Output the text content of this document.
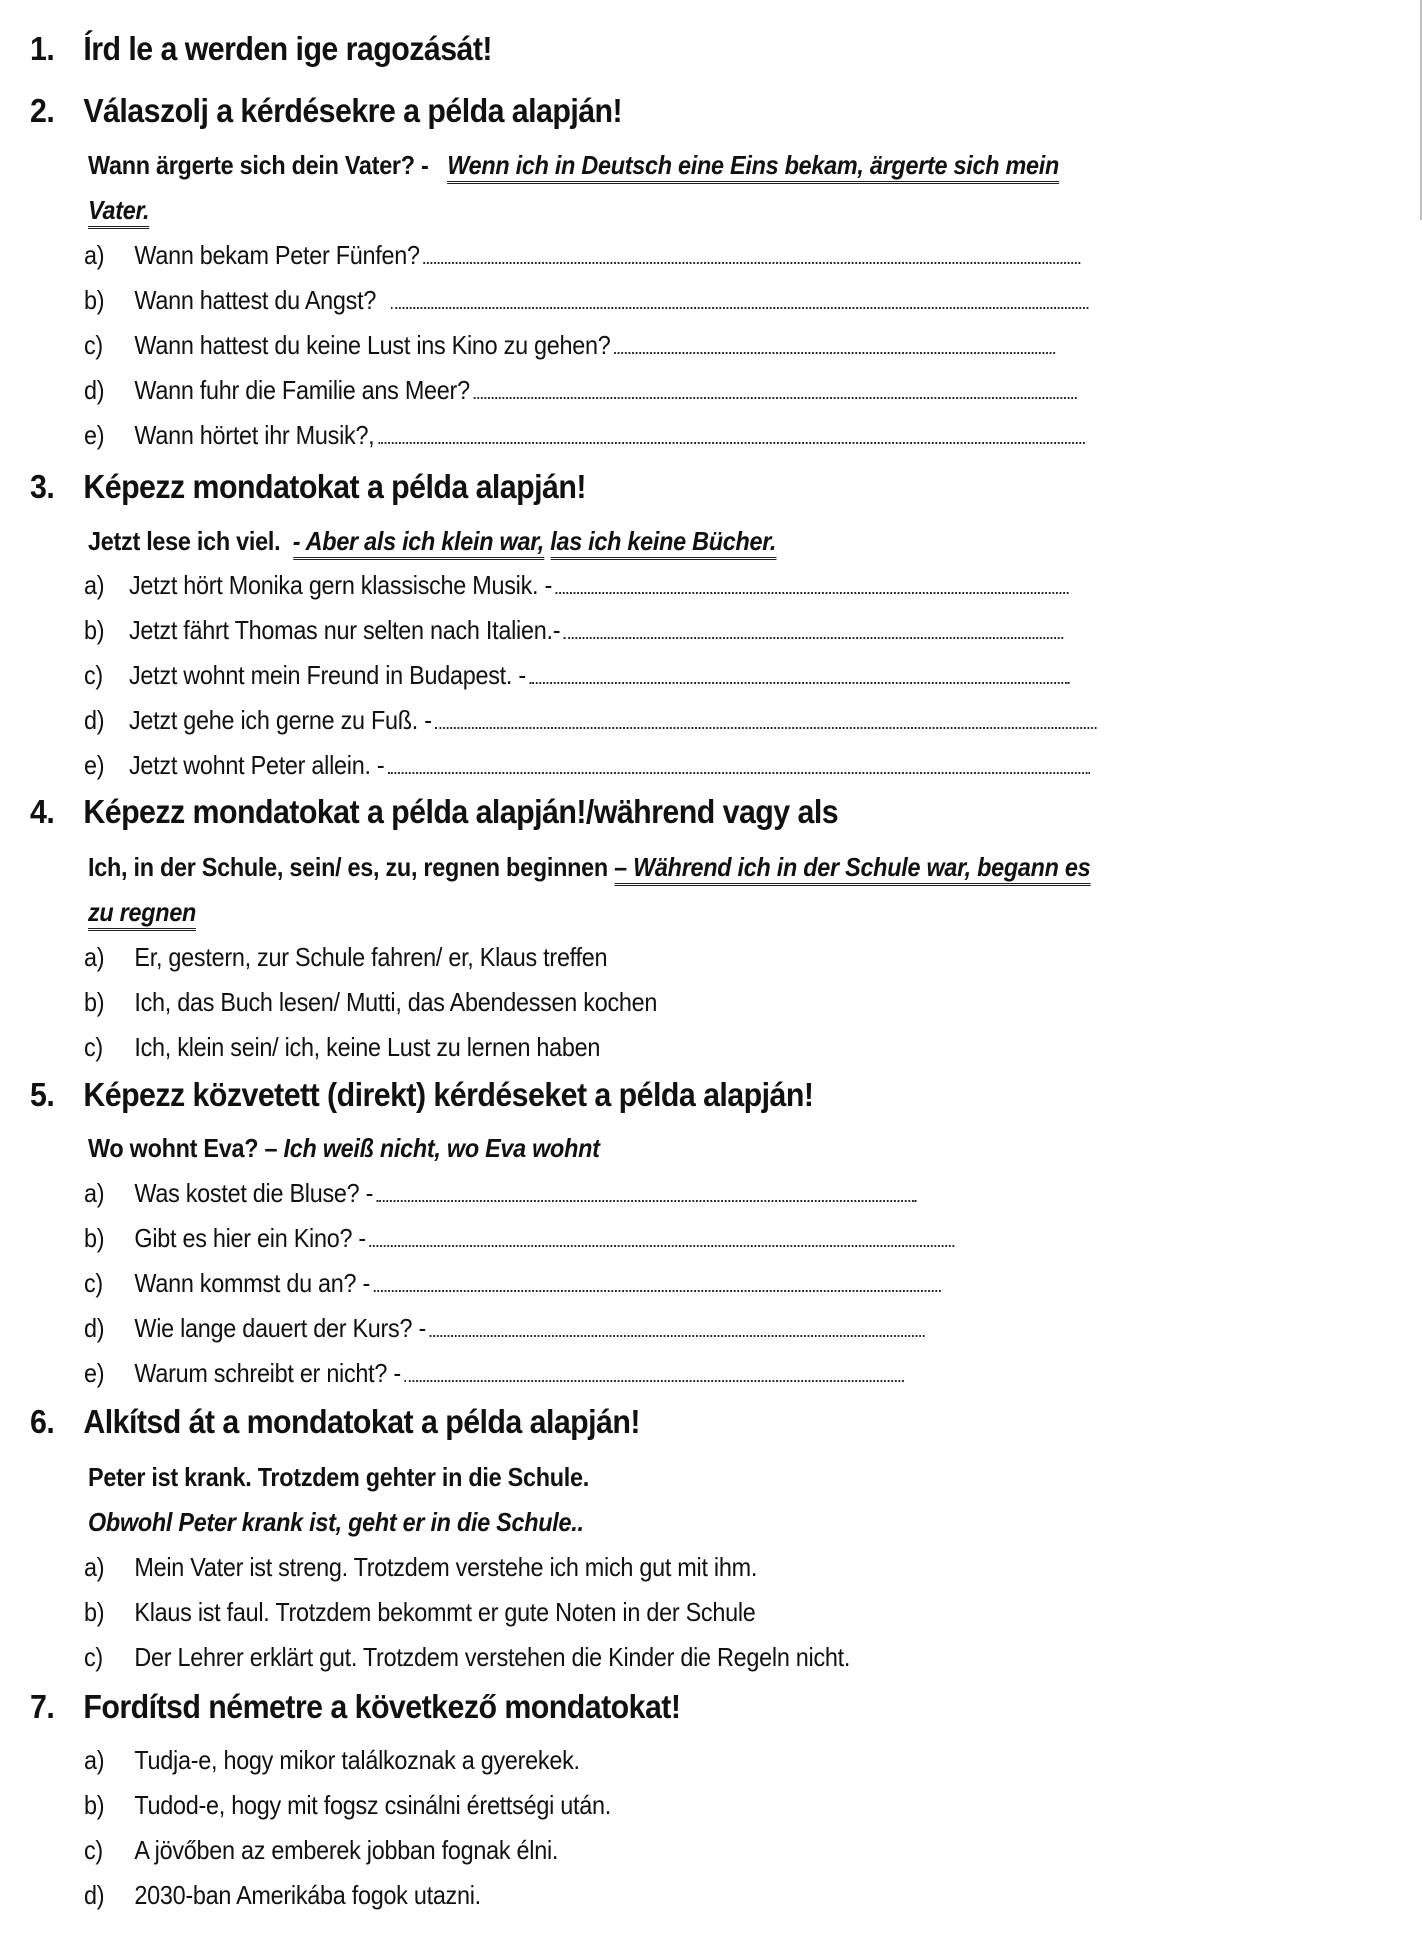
1. Írd le a werden ige ragozását!
2. Válaszolj a kérdésekre a példa alapján!
Wann ärgerte sich dein Vater? - Wenn ich in Deutsch eine Eins bekam, ärgerte sich mein
Vater.
a) Wann bekam Peter Fünfen?
b) Wann hattest du Angst?
c) Wann hattest du keine Lust ins Kino zu gehen?
d) Wann fuhr die Familie ans Meer?
e) Wann hörtet ihr Musik?,
3. Képezz mondatokat a példa alapján!
Jetzt lese ich viel. - Aber als ich klein war, las ich keine Bücher.
a) Jetzt hört Monika gern klassische Musik. -
b) Jetzt fährt Thomas nur selten nach Italien.-
c) Jetzt wohnt mein Freund in Budapest. -
d) Jetzt gehe ich gerne zu Fuß. -
e) Jetzt wohnt Peter allein. -
4. Képezz mondatokat a példa alapján!/während vagy als
Ich, in der Schule, sein/ es, zu, regnen beginnen – Während ich in der Schule war, begann es
zu regnen
a) Er, gestern, zur Schule fahren/ er, Klaus treffen
b) Ich, das Buch lesen/ Mutti, das Abendessen kochen
c) Ich, klein sein/ ich, keine Lust zu lernen haben
5. Képezz közvetett (direkt) kérdéseket a példa alapján!
Wo wohnt Eva? – Ich weiß nicht, wo Eva wohnt
a) Was kostet die Bluse? -
b) Gibt es hier ein Kino? -
c) Wann kommst du an? -
d) Wie lange dauert der Kurs? -
e) Warum schreibt er nicht? -
6. Alkítsd át a mondatokat a példa alapján!
Peter ist krank. Trotzdem gehter in die Schule.
Obwohl Peter krank ist, geht er in die Schule..
a) Mein Vater ist streng. Trotzdem verstehe ich mich gut mit ihm.
b) Klaus ist faul. Trotzdem bekommt er gute Noten in der Schule
c) Der Lehrer erklärt gut. Trotzdem verstehen die Kinder die Regeln nicht.
7. Fordítsd németre a következő mondatokat!
a) Tudja-e, hogy mikor találkoznak a gyerekek.
b) Tudod-e, hogy mit fogsz csinálni érettségi után.
c) A jövőben az emberek jobban fognak élni.
d) 2030-ban Amerikába fogok utazni.
